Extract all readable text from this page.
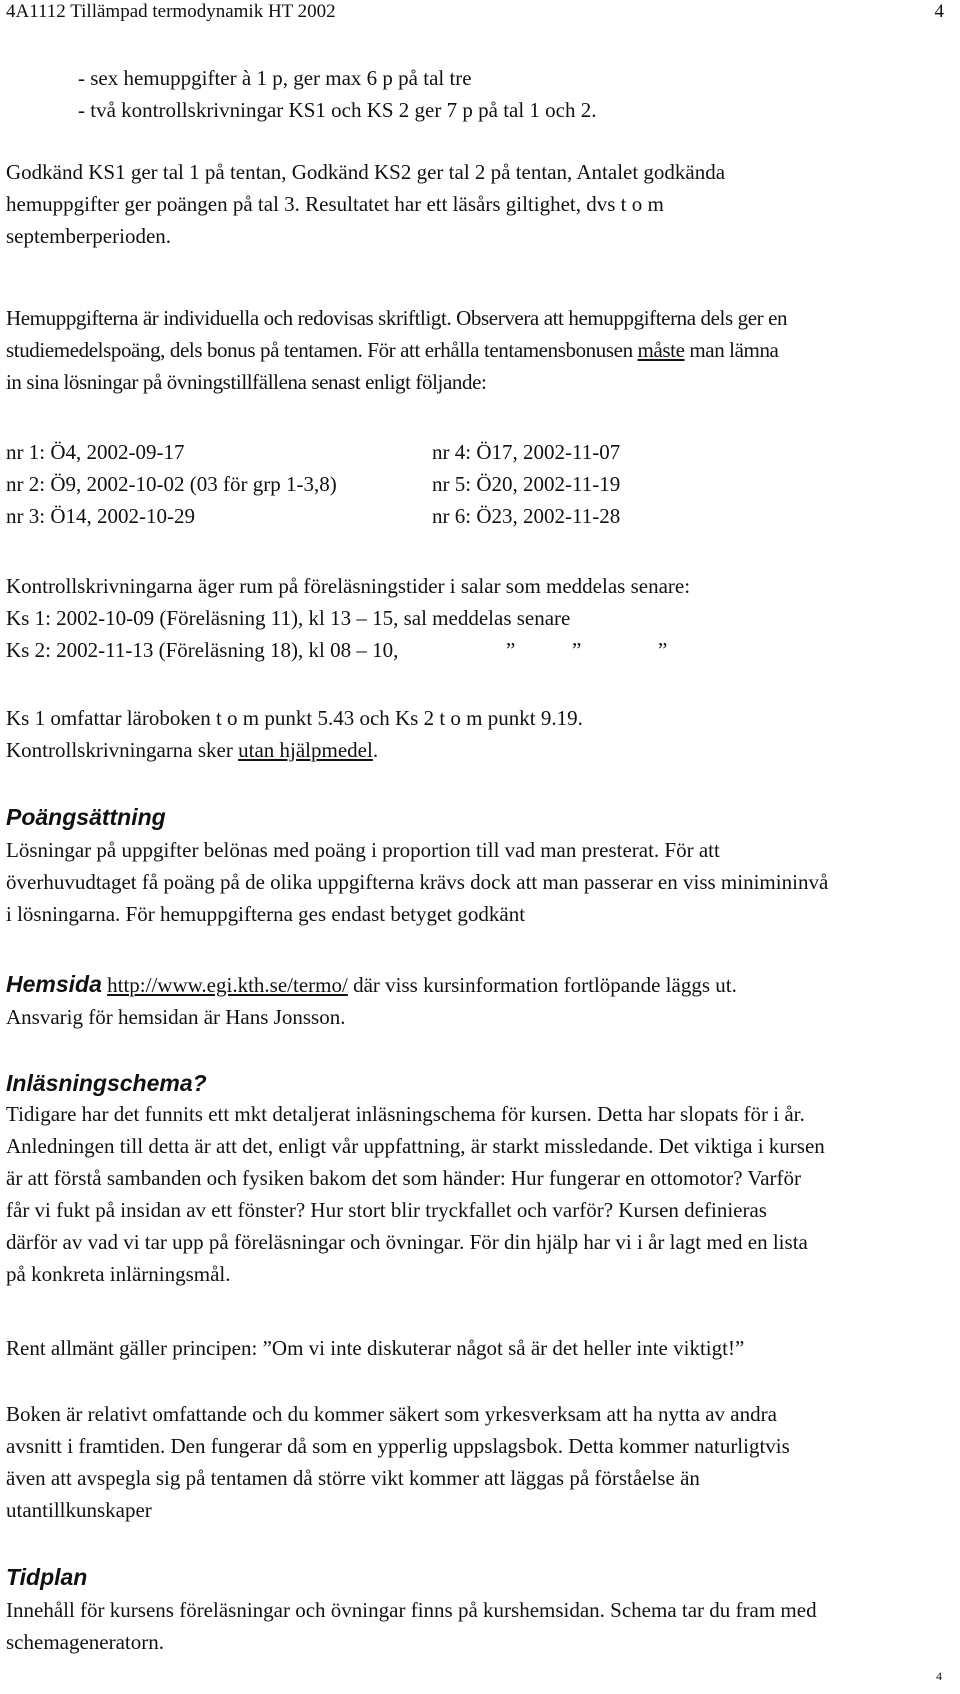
4A1112 Tillämpad termodynamik HT 2002	4

- sex hemuppgifter à 1 p, ger max 6 p på tal tre

- två kontrollskrivningar KS1 och KS 2 ger 7 p på tal 1 och 2.

Godkänd KS1 ger tal 1 på tentan, Godkänd KS2 ger tal 2 på tentan, Antalet godkända

hemuppgifter ger poängen på tal 3. Resultatet har ett läsårs giltighet, dvs t o m

septemberperioden.

Hemuppgifterna är individuella och redovisas skriftligt. Observera att hemuppgifterna dels ger en

studiemedelspoäng, dels bonus på tentamen. För att erhålla tentamensbonusen måste man lämna

in sina lösningar på övningstillfällena senast enligt följande:

nr 1: Ö4, 2002-09-17	nr 4: Ö17, 2002-11-07

nr 2: Ö9, 2002-10-02 (03 för grp 1-3,8)	nr 5: Ö20, 2002-11-19

nr 3: Ö14, 2002-10-29	nr 6: Ö23, 2002-11-28

Kontrollskrivningarna äger rum på föreläsningstider i salar som meddelas senare:

Ks 1: 2002-10-09 (Föreläsning 11), kl 13 – 15, sal meddelas senare

Ks 2: 2002-11-13 (Föreläsning 18), kl 08 – 10,	”	”	”

Ks 1 omfattar läroboken t o m punkt 5.43 och Ks 2 t o m punkt 9.19.

Kontrollskrivningarna sker utan hjälpmedel.

Poängsättning

Lösningar på uppgifter belönas med poäng i proportion till vad man presterat. För att

överhuvudtaget få poäng på de olika uppgifterna krävs dock att man passerar en viss minimininvå

i lösningarna. För hemuppgifterna ges endast betyget godkänt

Hemsida http://www.egi.kth.se/termo/ där viss kursinformation fortlöpande läggs ut.

Ansvarig för hemsidan är Hans Jonsson.

Inläsningschema?

Tidigare har det funnits ett mkt detaljerat inläsningschema för kursen. Detta har slopats för i år.

Anledningen till detta är att det, enligt vår uppfattning, är starkt missledande. Det viktiga i kursen

är att förstå sambanden och fysiken bakom det som händer: Hur fungerar en ottomotor? Varför

får vi fukt på insidan av ett fönster? Hur stort blir tryckfallet och varför? Kursen definieras

därför av vad vi tar upp på föreläsningar och övningar. För din hjälp har vi i år lagt med en lista

på konkreta inlärningsmål.

Rent allmänt gäller principen: ”Om vi inte diskuterar något så är det heller inte viktigt!”

Boken är relativt omfattande och du kommer säkert som yrkesverksam att ha nytta av andra

avsnitt i framtiden. Den fungerar då som en ypperlig uppslagsbok. Detta kommer naturligtvis

även att avspegla sig på tentamen då större vikt kommer att läggas på förståelse än

utantillkunskaper

Tidplan

Innehåll för kursens föreläsningar och övningar finns på kurshemsidan. Schema tar du fram med

schemageneratorn.

4
